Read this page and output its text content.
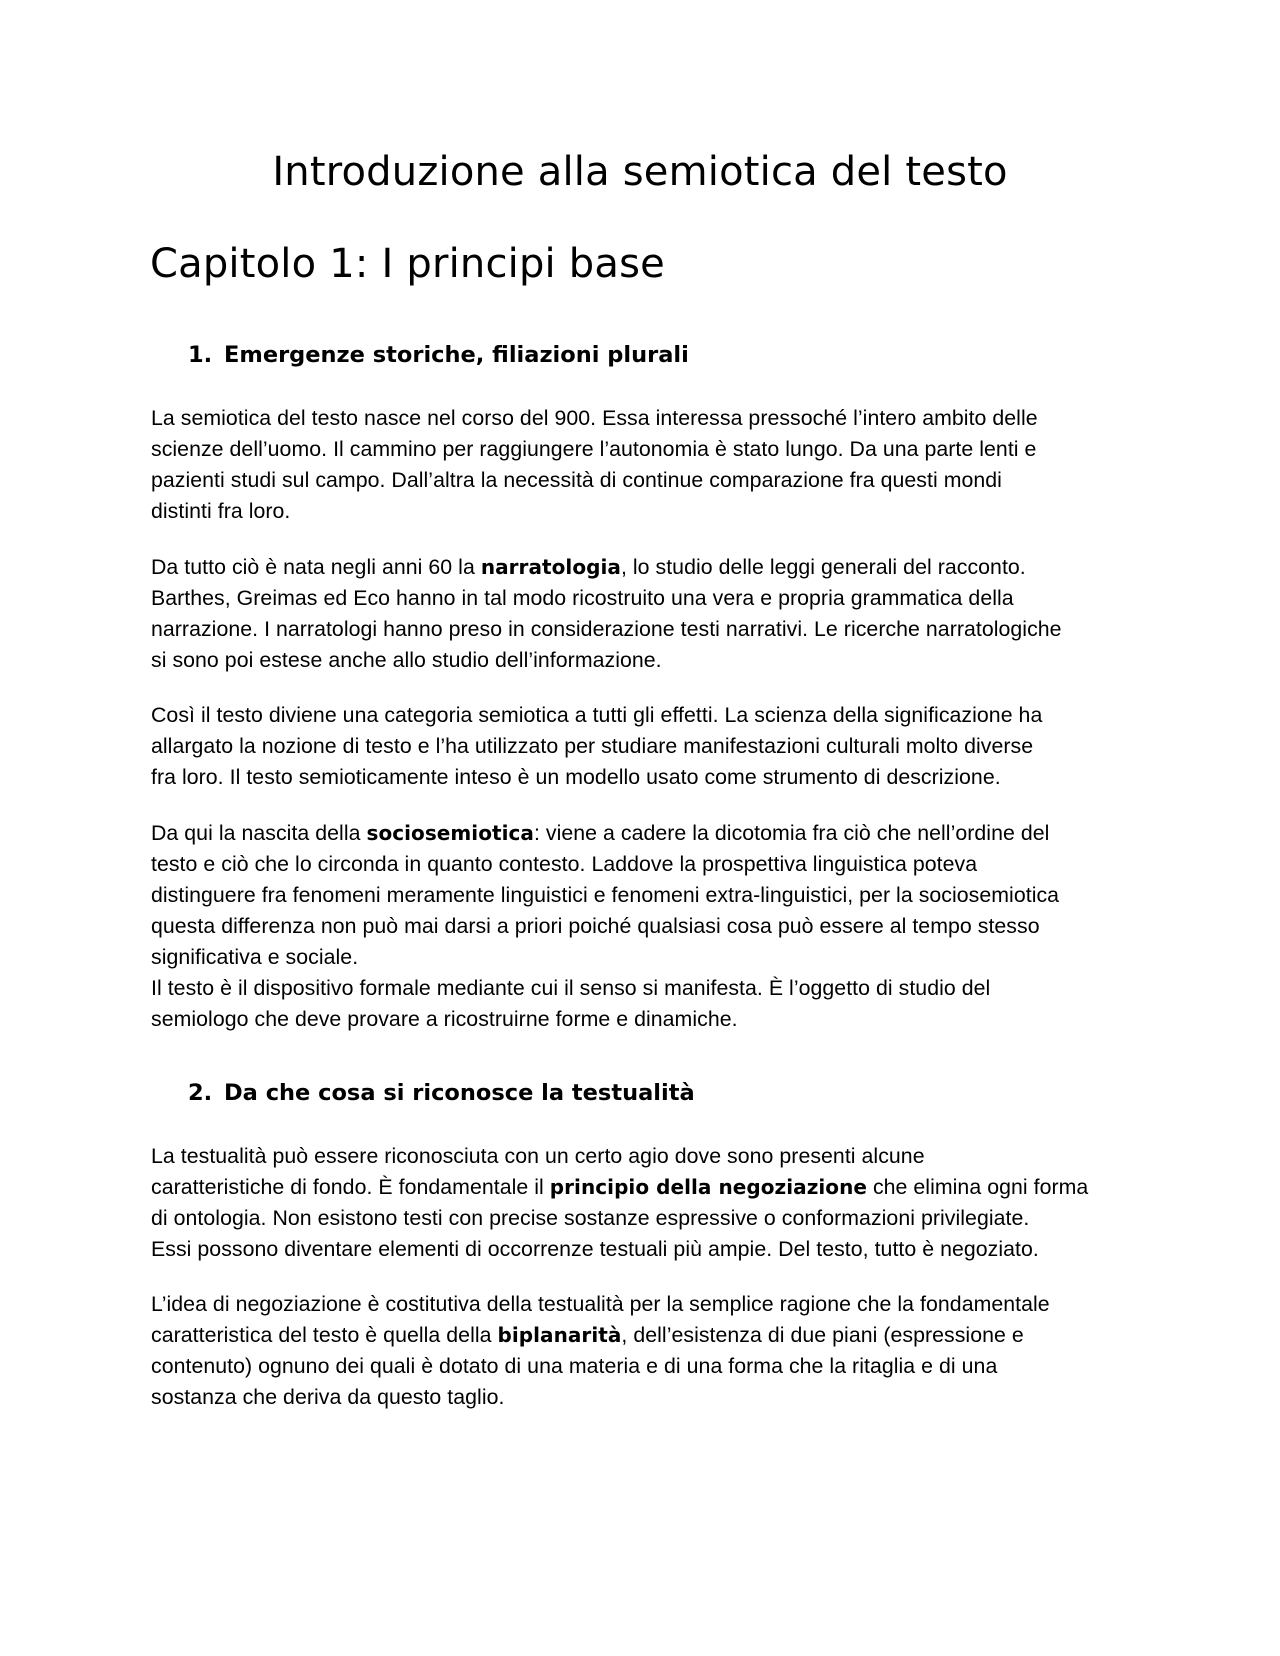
Introduzione alla semiotica del testo
Capitolo 1: I principi base
1. Emergenze storiche, filiazioni plurali
La semiotica del testo nasce nel corso del 900. Essa interessa pressoché l’intero ambito delle
scienze dell’uomo. Il cammino per raggiungere l’autonomia è stato lungo. Da una parte lenti e
pazienti studi sul campo. Dall’altra la necessità di continue comparazione fra questi mondi
distinti fra loro.
Da tutto ciò è nata negli anni 60 la narratologia, lo studio delle leggi generali del racconto.
Barthes, Greimas ed Eco hanno in tal modo ricostruito una vera e propria grammatica della
narrazione. I narratologi hanno preso in considerazione testi narrativi. Le ricerche narratologiche
si sono poi estese anche allo studio dell’informazione.
Così il testo diviene una categoria semiotica a tutti gli effetti. La scienza della significazione ha
allargato la nozione di testo e l’ha utilizzato per studiare manifestazioni culturali molto diverse
fra loro. Il testo semioticamente inteso è un modello usato come strumento di descrizione.
Da qui la nascita della sociosemiotica: viene a cadere la dicotomia fra ciò che nell’ordine del
testo e ciò che lo circonda in quanto contesto. Laddove la prospettiva linguistica poteva
distinguere fra fenomeni meramente linguistici e fenomeni extra-linguistici, per la sociosemiotica
questa differenza non può mai darsi a priori poiché qualsiasi cosa può essere al tempo stesso
significativa e sociale.
Il testo è il dispositivo formale mediante cui il senso si manifesta. È l’oggetto di studio del
semiologo che deve provare a ricostruirne forme e dinamiche.
2. Da che cosa si riconosce la testualità
La testualità può essere riconosciuta con un certo agio dove sono presenti alcune
caratteristiche di fondo. È fondamentale il principio della negoziazione che elimina ogni forma
di ontologia. Non esistono testi con precise sostanze espressive o conformazioni privilegiate.
Essi possono diventare elementi di occorrenze testuali più ampie. Del testo, tutto è negoziato.
L’idea di negoziazione è costitutiva della testualità per la semplice ragione che la fondamentale
caratteristica del testo è quella della biplanarità, dell’esistenza di due piani (espressione e
contenuto) ognuno dei quali è dotato di una materia e di una forma che la ritaglia e di una
sostanza che deriva da questo taglio.
